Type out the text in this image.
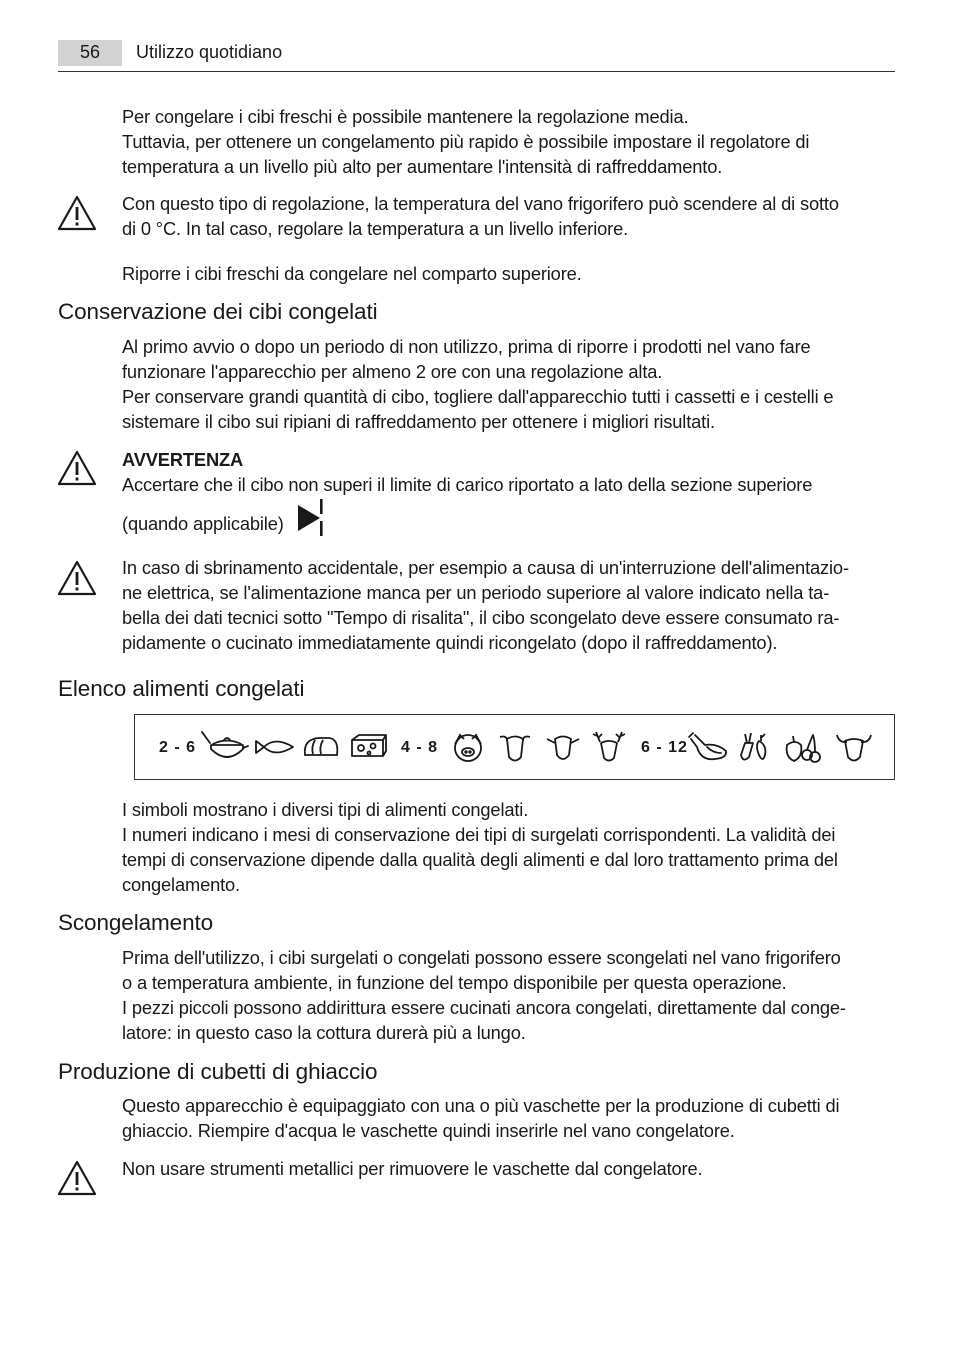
56	Utilizzo quotidiano

Per congelare i cibi freschi è possibile mantenere la regolazione media.
Tuttavia, per ottenere un congelamento più rapido è possibile impostare il regolatore di
temperatura a un livello più alto per aumentare l'intensità di raffreddamento.

Con questo tipo di regolazione, la temperatura del vano frigorifero può scendere al di sotto
di 0 °C. In tal caso, regolare la temperatura a un livello inferiore.

Riporre i cibi freschi da congelare nel comparto superiore.

Conservazione dei cibi congelati

Al primo avvio o dopo un periodo di non utilizzo, prima di riporre i prodotti nel vano fare
funzionare l'apparecchio per almeno 2 ore con una regolazione alta.
Per conservare grandi quantità di cibo, togliere dall'apparecchio tutti i cassetti e i cestelli e
sistemare il cibo sui ripiani di raffreddamento per ottenere i migliori risultati.

AVVERTENZA
Accertare che il cibo non superi il limite di carico riportato a lato della sezione superiore

(quando applicabile)

In caso di sbrinamento accidentale, per esempio a causa di un'interruzione dell'alimentazio-
ne elettrica, se l'alimentazione manca per un periodo superiore al valore indicato nella ta-
bella dei dati tecnici sotto "Tempo di risalita", il cibo scongelato deve essere consumato ra-
pidamente o cucinato immediatamente quindi ricongelato (dopo il raffreddamento).

Elenco alimenti congelati
2 - 6	4 - 8	6 - 12

I simboli mostrano i diversi tipi di alimenti congelati.
I numeri indicano i mesi di conservazione dei tipi di surgelati corrispondenti. La validità dei
tempi di conservazione dipende dalla qualità degli alimenti e dal loro trattamento prima del
congelamento.

Scongelamento

Prima dell'utilizzo, i cibi surgelati o congelati possono essere scongelati nel vano frigorifero
o a temperatura ambiente, in funzione del tempo disponibile per questa operazione.
I pezzi piccoli possono addirittura essere cucinati ancora congelati, direttamente dal conge-
latore: in questo caso la cottura durerà più a lungo.

Produzione di cubetti di ghiaccio

Questo apparecchio è equipaggiato con una o più vaschette per la produzione di cubetti di
ghiaccio. Riempire d'acqua le vaschette quindi inserirle nel vano congelatore.

Non usare strumenti metallici per rimuovere le vaschette dal congelatore.
